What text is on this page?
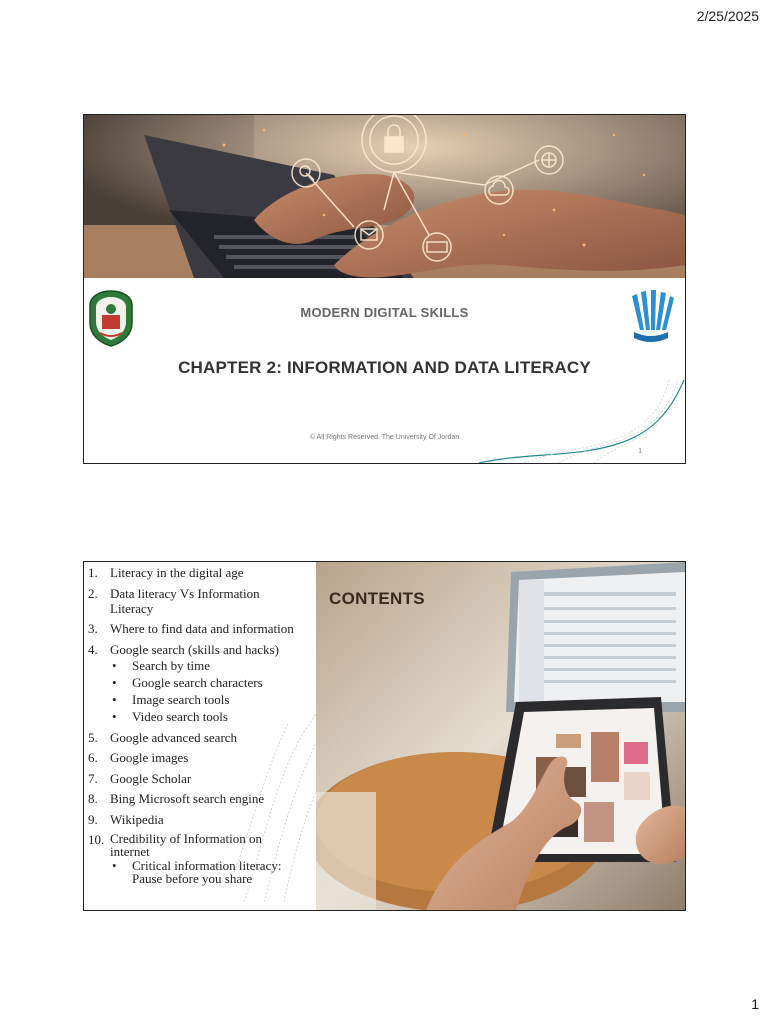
2/25/2025
MODERN DIGITAL SKILLS
CHAPTER 2: INFORMATION AND DATA LITERACY
© All Rights Reserved. The University Of Jordan
1
1. Literacy in the digital age
2. Data literacy Vs Information Literacy
3. Where to find data and information
4. Google search (skills and hacks)
•	Search by time
•	Google search characters
•	Image search tools
•	Video search tools
5. Google advanced search
6. Google images
7. Google Scholar
8. Bing Microsoft search engine
9. Wikipedia
10. Credibility of Information on internet
•	Critical information literacy: Pause before you share
CONTENTS
1
